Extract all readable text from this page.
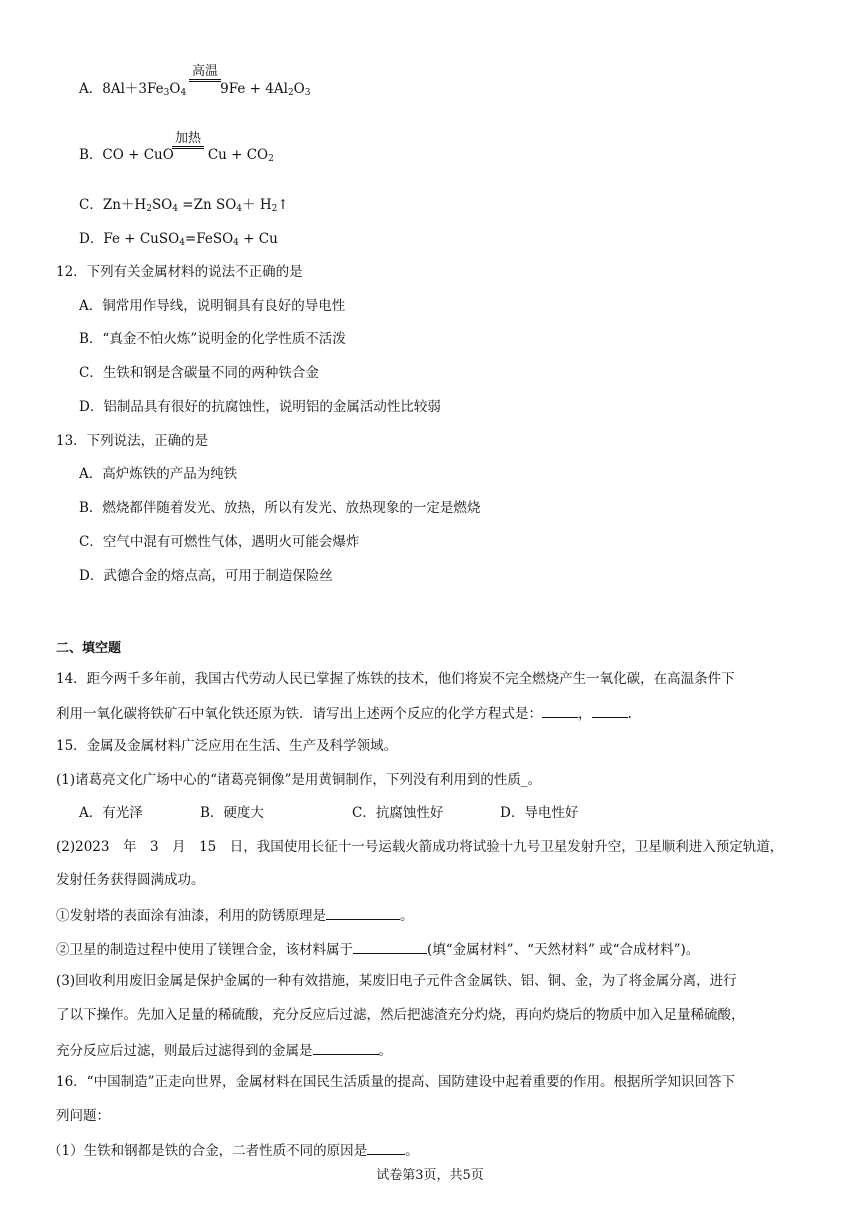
A．$8Al+3Fe_3O_4$	$9Fe + 4Al_2O_3$
高温
B．CO + CuO	$Cu + CO_2$
加热
C．$Zn+H_2SO_4 =Zn$ $SO_4+$ $H_2↑$
D．Fe + CuSO$_4$=FeSO$_4$ + Cu
12．下列有关金属材料的说法不正确的是
A．铜常用作导线，说明铜具有良好的导电性
B．“真金不怕火炼”说明金的化学性质不活泼
C．生铁和钢是含碳量不同的两种铁合金
D．铝制品具有很好的抗腐蚀性，说明铝的金属活动性比较弱
13．下列说法，正确的是
A．高炉炼铁的产品为纯铁
B．燃烧都伴随着发光、放热，所以有发光、放热现象的一定是燃烧
C．空气中混有可燃性气体，遇明火可能会爆炸
D．武德合金的熔点高，可用于制造保险丝
二、填空题
14．距今两千多年前，我国古代劳动人民已掌握了炼铁的技术，他们将炭不完全燃烧产生一氧化碳，在高温条件下
利用一氧化碳将铁矿石中氧化铁还原为铁．请写出上述两个反应的化学方程式是：	，	.
15．金属及金属材料广泛应用在生活、生产及科学领域。
(1)诸葛亮文化广场中心的“诸葛亮铜像”是用黄铜制作，下列没有利用到的性质_。
A．有光泽	B．硬度大	C．抗腐蚀性好	D．导电性好
(2)2023　年　3　月　15　日，我国使用长征十一号运载火箭成功将试验十九号卫星发射升空，卫星顺利进入预定轨道，
发射任务获得圆满成功。
①发射塔的表面涂有油漆，利用的防锈原理是	。
②卫星的制造过程中使用了镁锂合金，该材料属于	(填“金属材料”、“天然材料” 或“合成材料”)。
(3)回收利用废旧金属是保护金属的一种有效措施，某废旧电子元件含金属铁、铝、铜、金，为了将金属分离，进行
了以下操作。先加入足量的稀硫酸，充分反应后过滤，然后把滤渣充分灼烧，再向灼烧后的物质中加入足量稀硫酸，
充分反应后过滤，则最后过滤得到的金属是	。
16．“中国制造”正走向世界，金属材料在国民生活质量的提高、国防建设中起着重要的作用。根据所学知识回答下
列问题：
（1）生铁和钢都是铁的合金，二者性质不同的原因是	。
试卷第3页，共5页
